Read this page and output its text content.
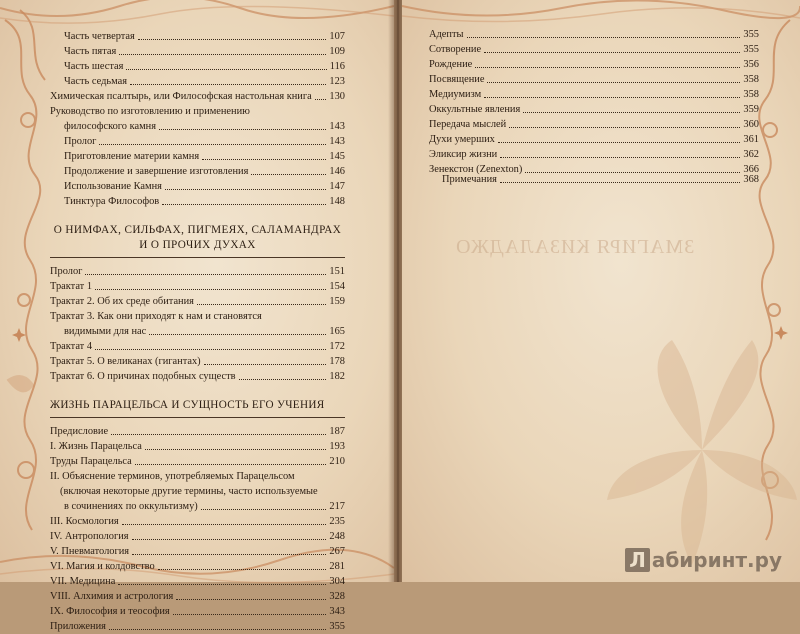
Часть четвертая	107
Часть пятая	109
Часть шестая	116
Часть седьмая	123
Химическая псалтырь, или Философская настольная книга 130
Руководство по изготовлению и применению
философского камня	143
Пролог	143
Приготовление материи камня	145
Продолжение и завершение изготовления	146
Использование Камня	147
Тинктура Философов	148
О НИМФАХ, СИЛЬФАХ, ПИГМЕЯХ, САЛАМАНДРАХ
И О ПРОЧИХ ДУХАХ
Пролог	151
Трактат 1	154
Трактат 2. Об их среде обитания	159
Трактат 3. Как они приходят к нам и становятся
видимыми для нас	165
Трактат 4	172
Трактат 5. О великанах (гигантах)	178
Трактат 6. О причинах подобных существ	182
ЖИЗНЬ ПАРАЦЕЛЬСА И СУЩНОСТЬ ЕГО УЧЕНИЯ
Предисловие	187
I. Жизнь Парацельса	193
Труды Парацельса	210
II. Объяснение терминов, употребляемых Парацельсом
(включая некоторые другие термины, часто используемые
в сочинениях по оккультизму)	217
III. Космология	235
IV. Антропология	248
V. Пневматология	267
VI. Магия и колдовство	281
VII. Медицина	304
VIII. Алхимия и астрология	328
IX. Философия и теософия	343
Приложения	355
Адепты	355
Сотворение	355
Рождение	356
Посвящение	358
Медиумизм	358
Оккультные явления	359
Передача мыслей	360
Духи умерших	361
Эликсир жизни	362
Зенекстон (Zenexton)	366
Примечания	368
ЗМАГИРЯ КИЗАЛАДЖО
Л абиринт.ру
